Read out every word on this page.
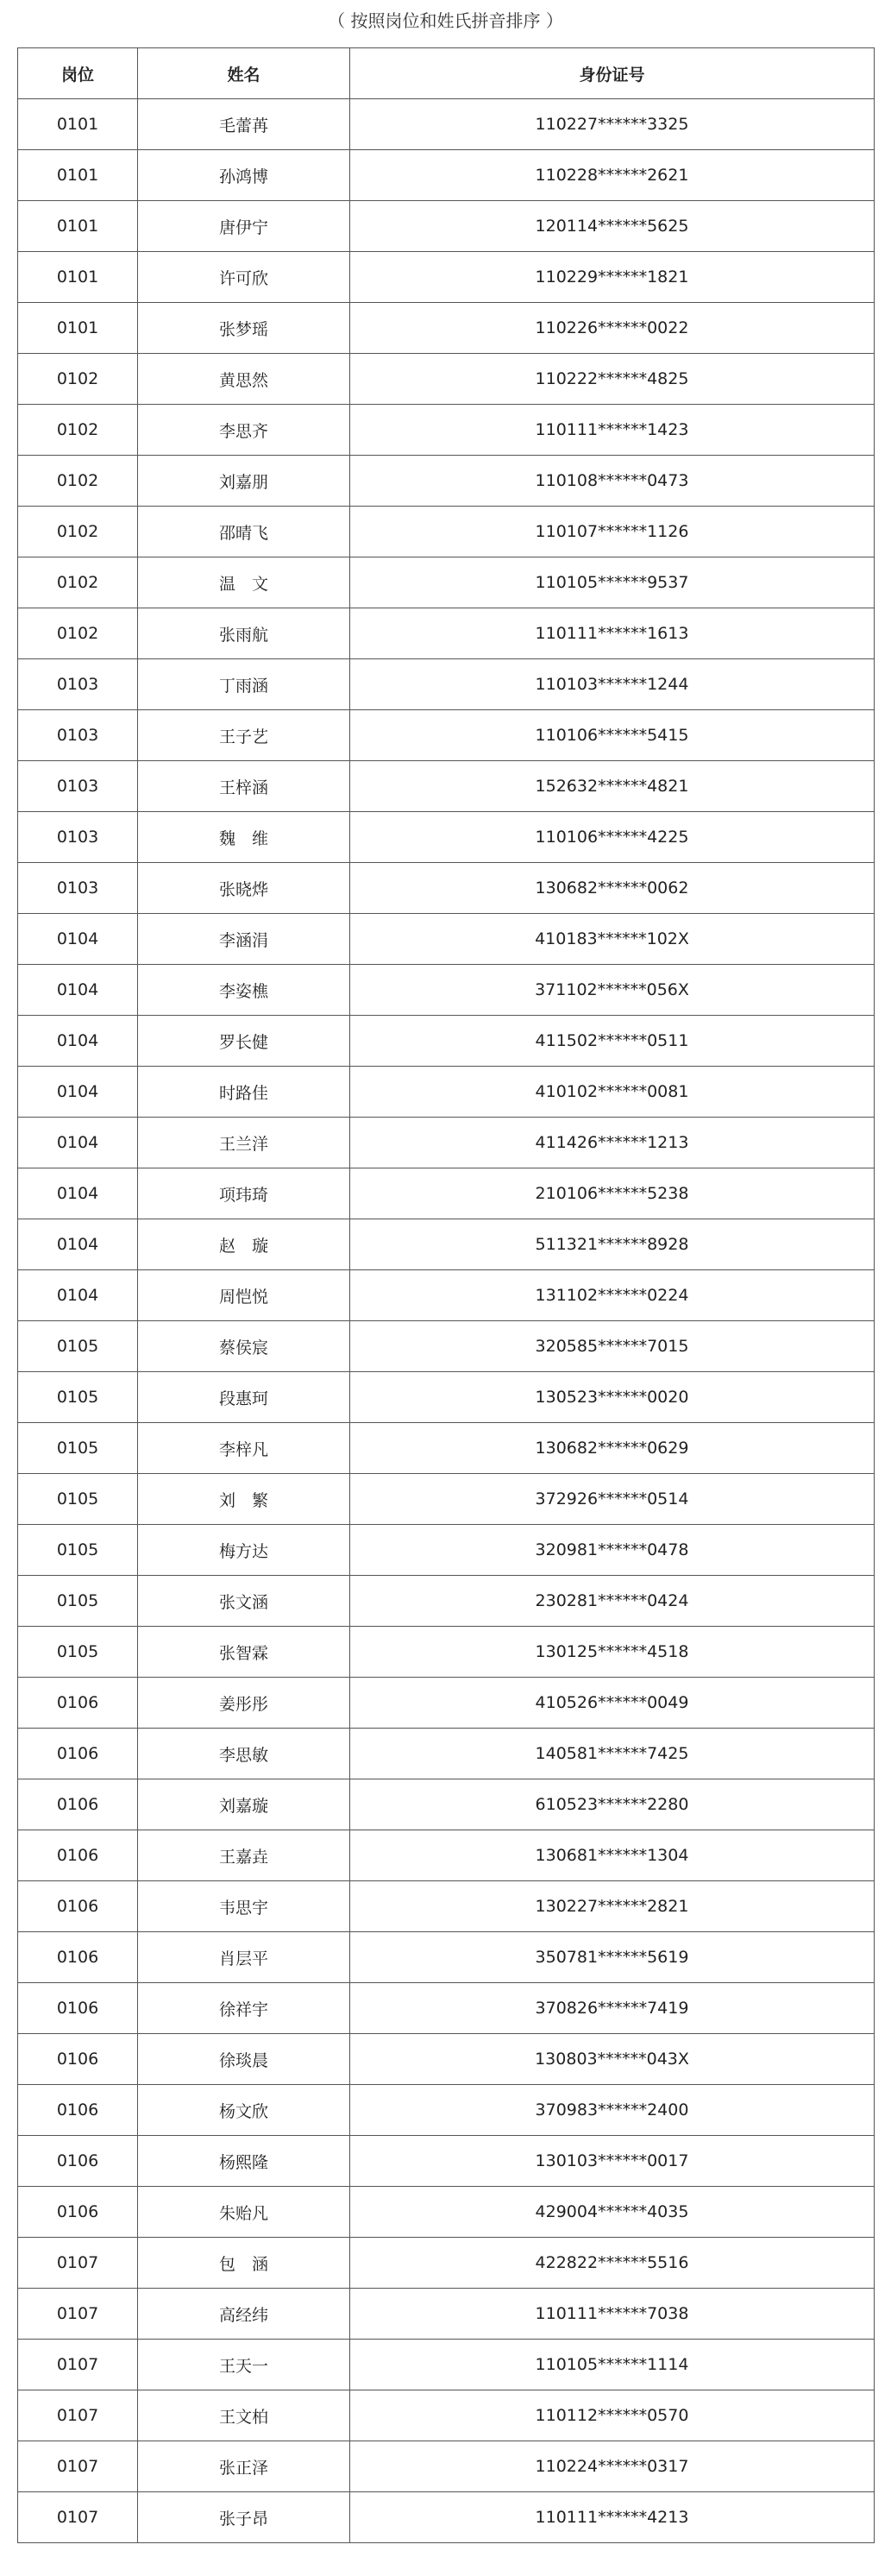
（ 按照岗位和姓氏拼音排序 ）
岗位	姓名	身份证号
0101	毛蕾苒	110227******3325
0101	孙鸿博	110228******2621
0101	唐伊宁	120114******5625
0101	许可欣	110229******1821
0101	张梦瑶	110226******0022
0102	黄思然	110222******4825
0102	李思齐	110111******1423
0102	刘嘉朋	110108******0473
0102	邵晴飞	110107******1126
0102	温　文	110105******9537
0102	张雨航	110111******1613
0103	丁雨涵	110103******1244
0103	王子艺	110106******5415
0103	王梓涵	152632******4821
0103	魏　维	110106******4225
0103	张晓烨	130682******0062
0104	李涵涓	410183******102X
0104	李姿樵	371102******056X
0104	罗长健	411502******0511
0104	时路佳	410102******0081
0104	王兰洋	411426******1213
0104	项玮琦	210106******5238
0104	赵　璇	511321******8928
0104	周恺悦	131102******0224
0105	蔡侯宸	320585******7015
0105	段惠珂	130523******0020
0105	李梓凡	130682******0629
0105	刘　繁	372926******0514
0105	梅方达	320981******0478
0105	张文涵	230281******0424
0105	张智霖	130125******4518
0106	姜彤彤	410526******0049
0106	李思敏	140581******7425
0106	刘嘉璇	610523******2280
0106	王嘉垚	130681******1304
0106	韦思宇	130227******2821
0106	肖层平	350781******5619
0106	徐祥宇	370826******7419
0106	徐琰晨	130803******043X
0106	杨文欣	370983******2400
0106	杨熙隆	130103******0017
0106	朱贻凡	429004******4035
0107	包　涵	422822******5516
0107	高经纬	110111******7038
0107	王天一	110105******1114
0107	王文柏	110112******0570
0107	张正泽	110224******0317
0107	张子昂	110111******4213
